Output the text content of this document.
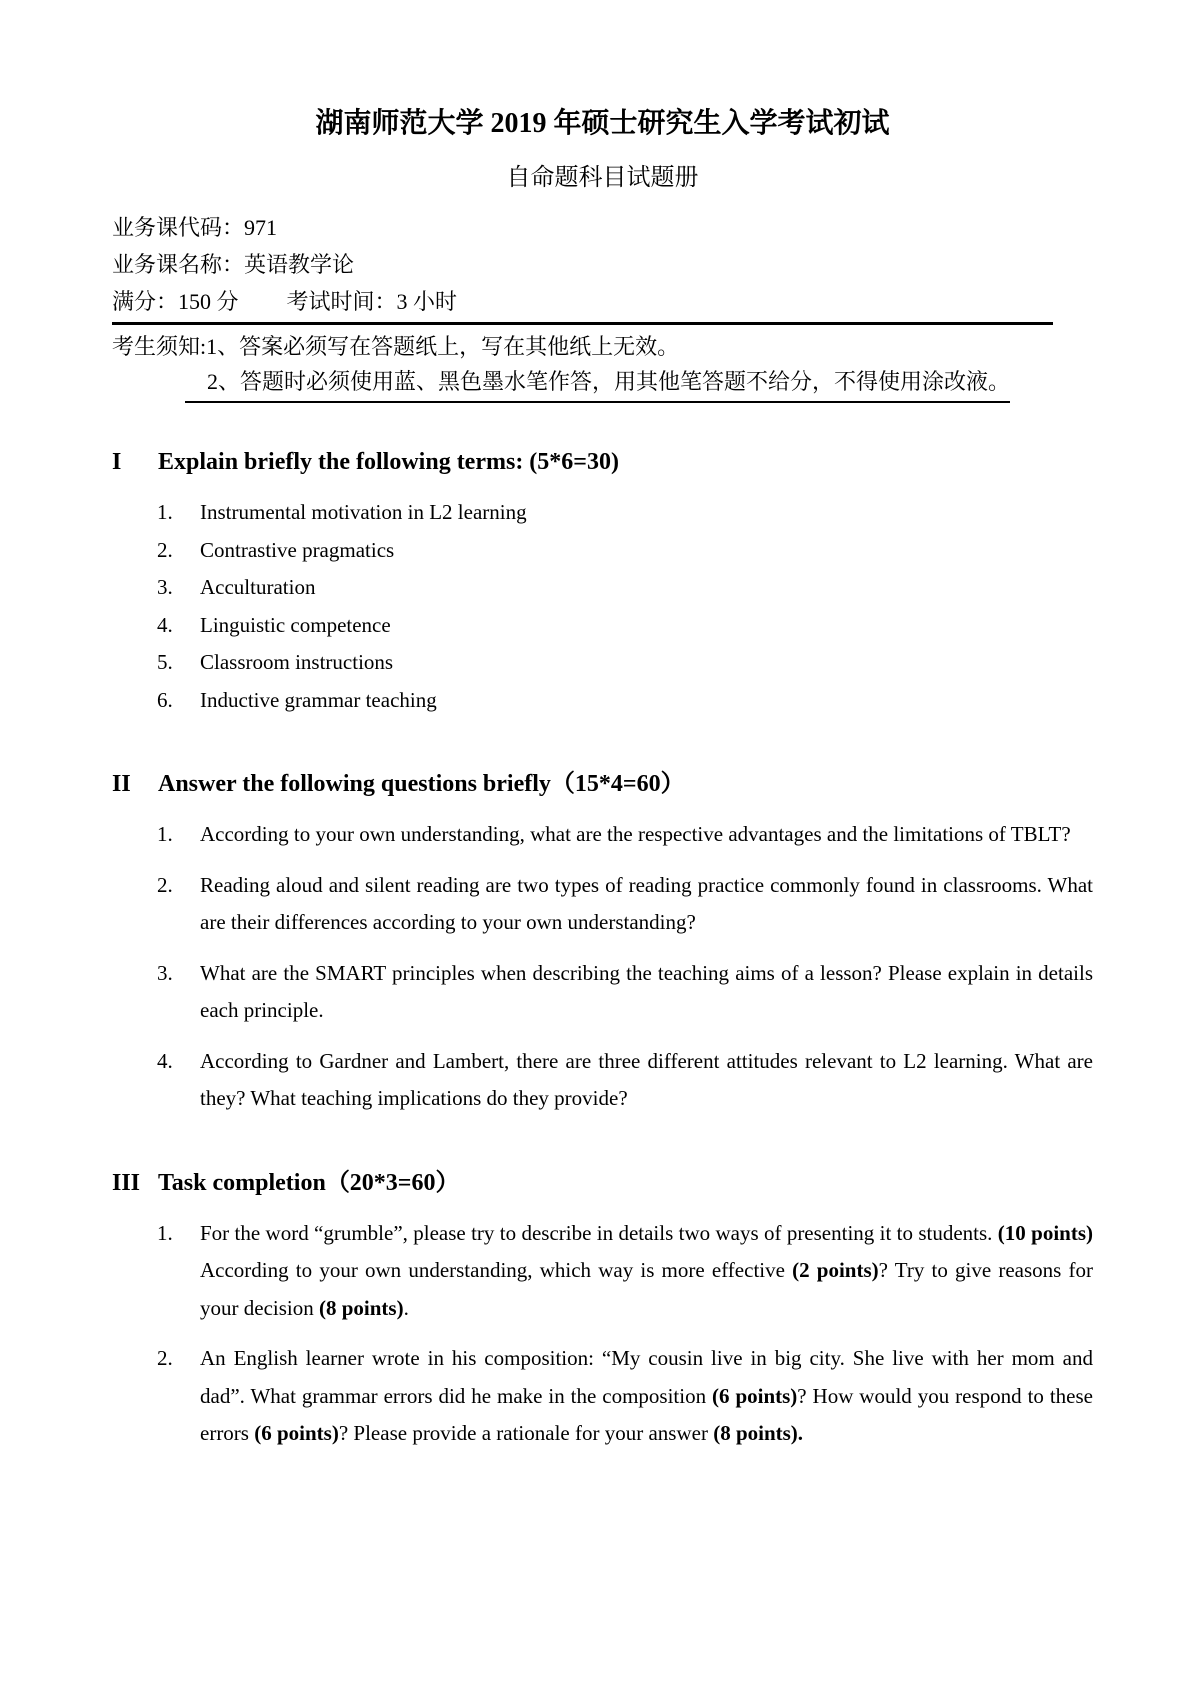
湖南师范大学 2019 年硕士研究生入学考试初试
自命题科目试题册
业务课代码：971
业务课名称：英语教学论
满分：150 分 考试时间：3 小时
考生须知:1、答案必须写在答题纸上，写在其他纸上无效。
2、答题时必须使用蓝、黑色墨水笔作答，用其他笔答题不给分，不得使用涂改液。
I	Explain briefly the following terms: (5*6=30)
1.	Instrumental motivation in L2 learning
2.	Contrastive pragmatics
3.	Acculturation
4.	Linguistic competence
5.	Classroom instructions
6.	Inductive grammar teaching
II	Answer the following questions briefly（15*4=60）
1.	According to your own understanding, what are the respective advantages and the limitations of TBLT?
2.	Reading aloud and silent reading are two types of reading practice commonly found in classrooms. What are their differences according to your own understanding?
3.	What are the SMART principles when describing the teaching aims of a lesson? Please explain in details each principle.
4.	According to Gardner and Lambert, there are three different attitudes relevant to L2 learning. What are they? What teaching implications do they provide?
III Task completion（20*3=60）
1.	For the word “grumble”, please try to describe in details two ways of presenting it to students. (10 points) According to your own understanding, which way is more effective (2 points)? Try to give reasons for your decision (8 points).
2.	An English learner wrote in his composition: “My cousin live in big city. She live with her mom and dad”. What grammar errors did he make in the composition (6 points)? How would you respond to these errors (6 points)? Please provide a rationale for your answer (8 points).
